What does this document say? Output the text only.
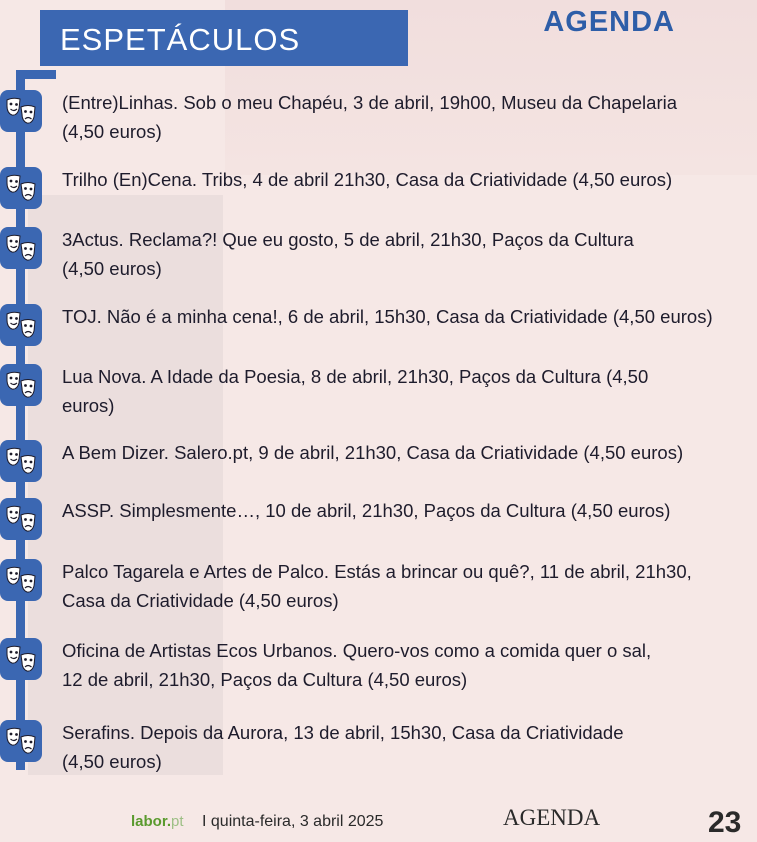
ESPETÁCULOS	AGENDA
(Entre)Linhas. Sob o meu Chapéu, 3 de abril, 19h00, Museu da Chapelaria
(4,50 euros)
Trilho (En)Cena. Tribs, 4 de abril 21h30, Casa da Criatividade (4,50 euros)
3Actus. Reclama?! Que eu gosto, 5 de abril, 21h30, Paços da Cultura
(4,50 euros)
TOJ. Não é a minha cena!, 6 de abril, 15h30, Casa da Criatividade (4,50 euros)
Lua Nova. A Idade da Poesia, 8 de abril, 21h30, Paços da Cultura (4,50
euros)
A Bem Dizer. Salero.pt, 9 de abril, 21h30, Casa da Criatividade (4,50 euros)
ASSP. Simplesmente…, 10 de abril, 21h30, Paços da Cultura (4,50 euros)
Palco Tagarela e Artes de Palco. Estás a brincar ou quê?, 11 de abril, 21h30,
Casa da Criatividade (4,50 euros)
Oficina de Artistas Ecos Urbanos. Quero-vos como a comida quer o sal,
12 de abril, 21h30, Paços da Cultura (4,50 euros)
Serafins. Depois da Aurora, 13 de abril, 15h30, Casa da Criatividade
(4,50 euros)
labor.pt I quinta-feira, 3 abril 2025	AGENDA	23
